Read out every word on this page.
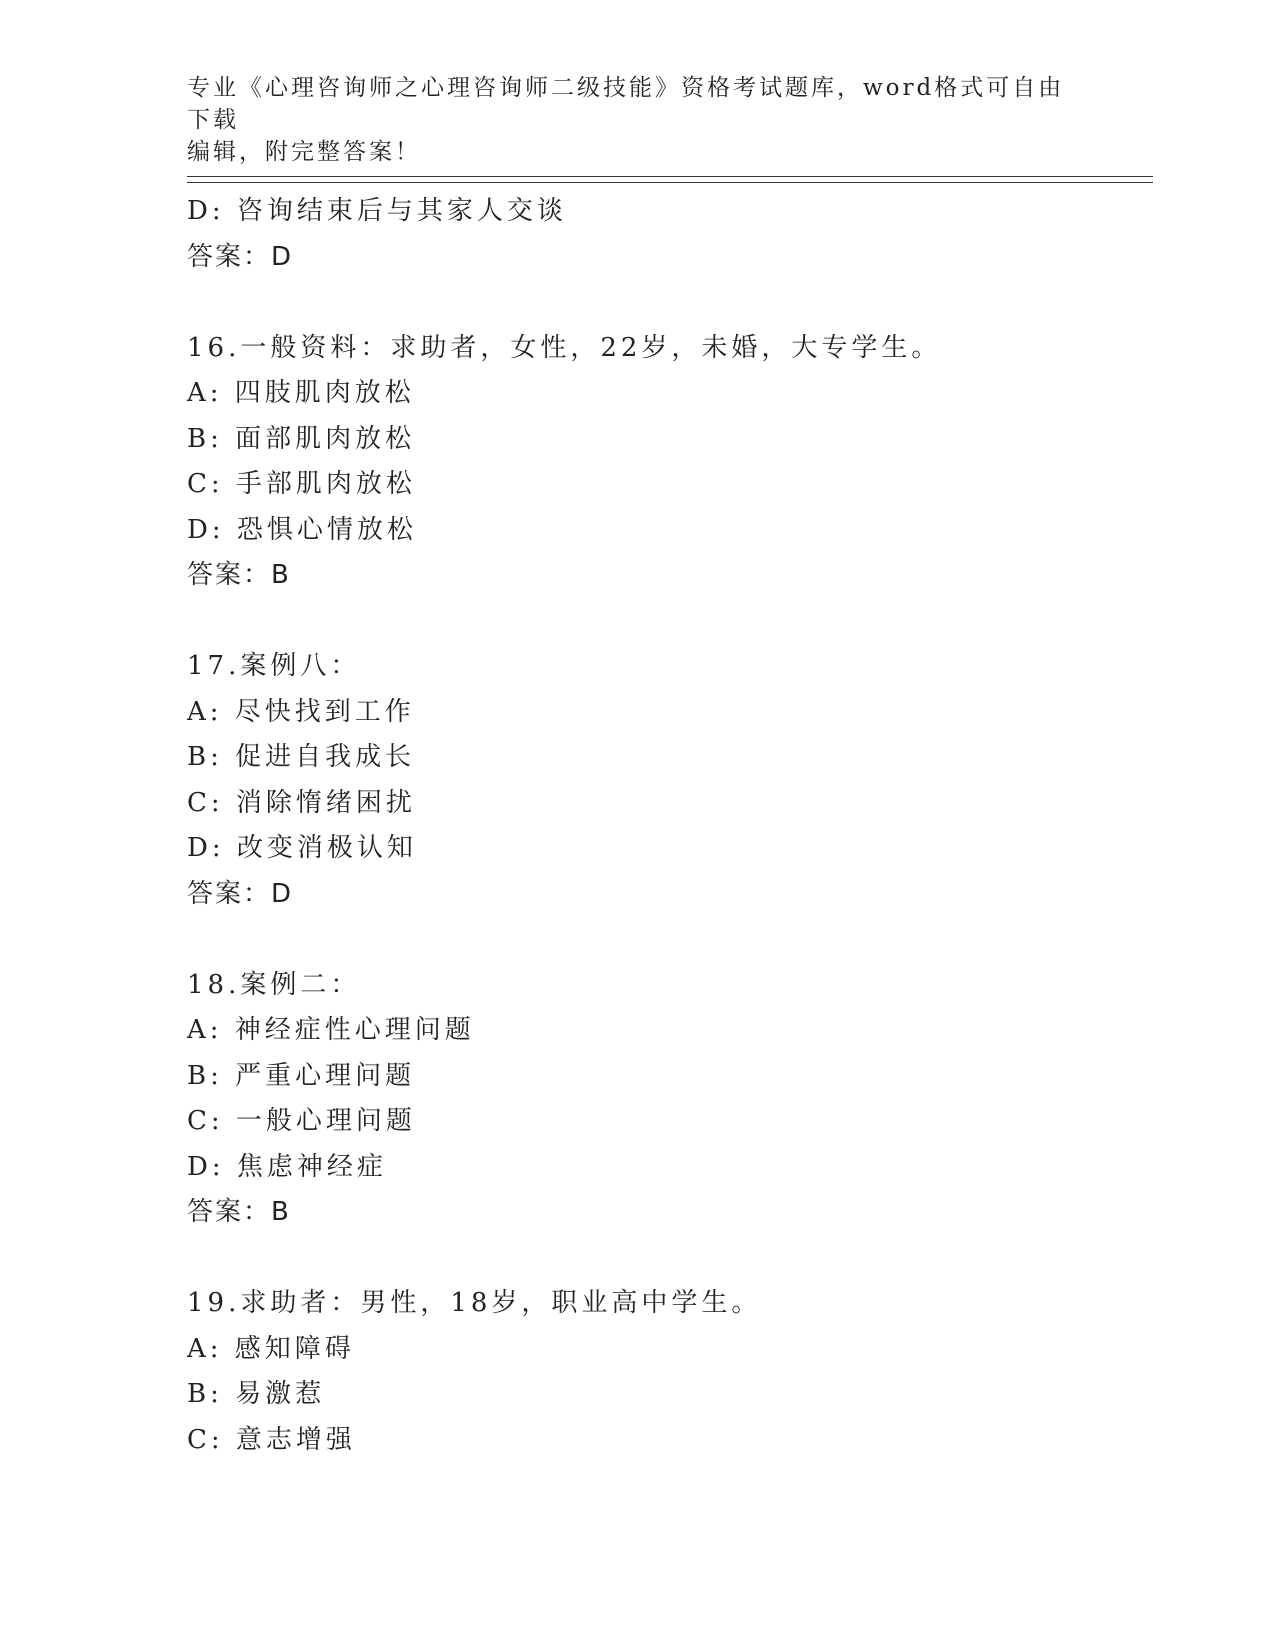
专业《心理咨询师之心理咨询师二级技能》资格考试题库，word格式可自由下载
编辑，附完整答案！
D: 咨询结束后与其家人交谈
答案：D
16.一般资料：求助者，女性，22岁，未婚，大专学生。
A: 四肢肌肉放松
B: 面部肌肉放松
C: 手部肌肉放松
D: 恐惧心情放松
答案：B
17.案例八：
A: 尽快找到工作
B: 促进自我成长
C: 消除惰绪困扰
D: 改变消极认知
答案：D
18.案例二：
A: 神经症性心理问题
B: 严重心理问题
C: 一般心理问题
D: 焦虑神经症
答案：B
19.求助者：男性，18岁，职业高中学生。
A: 感知障碍
B: 易激惹
C: 意志增强
